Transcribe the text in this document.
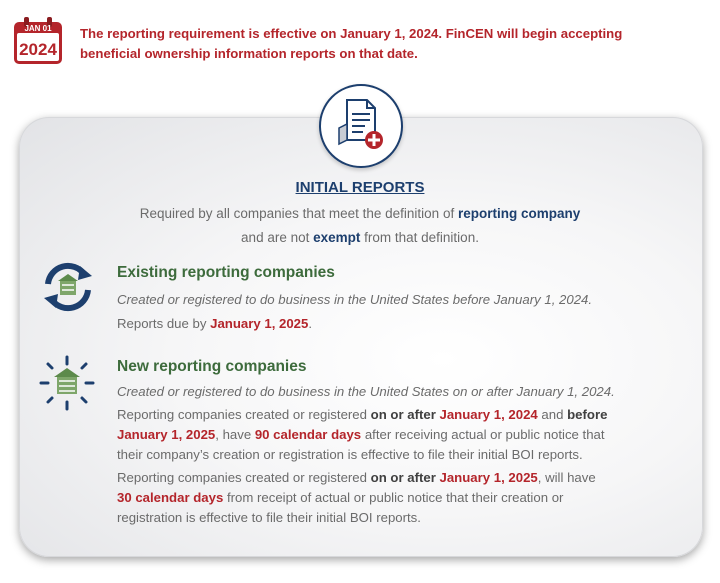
JAN 01
2024
The reporting requirement is effective on January 1, 2024. FinCEN will begin accepting
beneficial ownership information reports on that date.
INITIAL REPORTS
Required by all companies that meet the definition of reporting company
and are not exempt from that definition.
Existing reporting companies
Created or registered to do business in the United States before January 1, 2024.
Reports due by January 1, 2025.
New reporting companies
Created or registered to do business in the United States on or after January 1, 2024.
Reporting companies created or registered on or after January 1, 2024 and before
January 1, 2025, have 90 calendar days after receiving actual or public notice that
their company’s creation or registration is effective to file their initial BOI reports.
Reporting companies created or registered on or after January 1, 2025, will have
30 calendar days from receipt of actual or public notice that their creation or
registration is effective to file their initial BOI reports.
